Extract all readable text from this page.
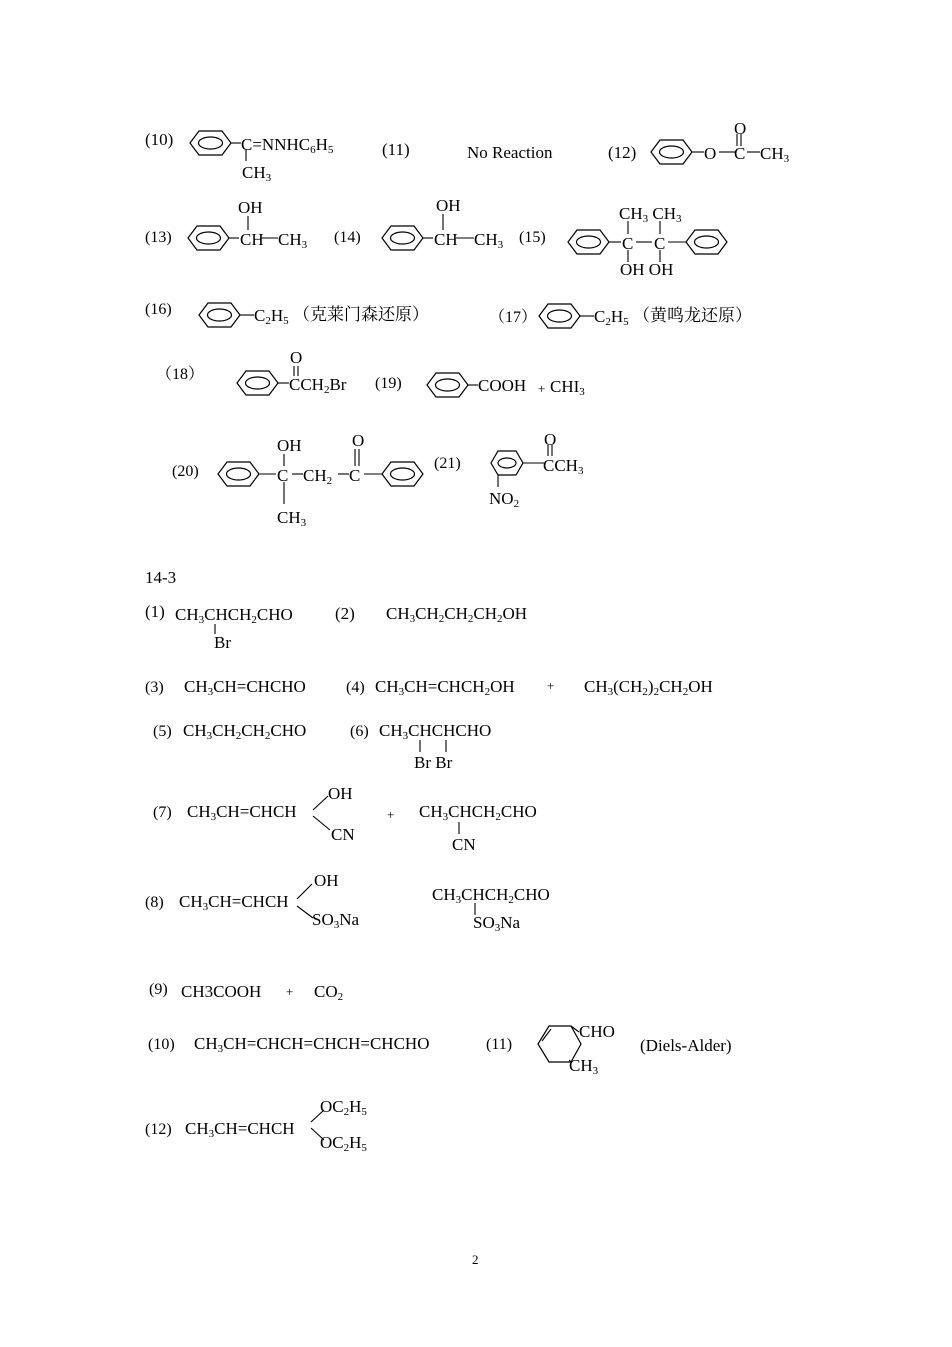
(10)	$C=NNHC_6H_5$
$CH_3$
(11)	No Reaction	(12)
O
O C $CH_3$
(13)
OH
CH $CH_3$ (14)
OH
CH $CH_3$ (15)
$CH_3$ $CH_3$
C C
OH OH
(16)	$C_2H_5$ （克莱门森还原）	（17）	$C_2H_5$ （黄鸣龙还原）
（18）
O
$CCH_2Br$ (19)	COOH + $CHI_3$
(20)
OH	O
C $CH_2$ C
$CH_3$
(21)
O
$CCH_3$
$NO_2$
14-3
(1) $CH_3CHCH_2CHO$
Br
(2) $CH_3CH_2CH_2CH_2OH$
(3) $CH_3CH=CHCHO$	(4) $CH_3CH=CHCH_2OH + CH_3(CH_2)_2CH_2OH$
(5) $CH_3CH_2CH_2CHO$	(6) $CH_3CHCHCHO$
Br Br
(7) $CH_3CH=CHCH$
OH
CN
+ $CH_3CHCH_2CHO$
CN
(8) $CH_3CH=CHCH$
OH
$SO_3Na$
$CH_3CHCH_2CHO$
$SO_3Na$
(9) CH3COOH + $CO_2$
(10) $CH_3CH=CHCH=CHCH=CHCHO$	(11)
CHO
$CH_3$
(Diels-Alder)
(12) $CH_3CH=CHCH$
$OC_2H_5$
$OC_2H_5$
2
